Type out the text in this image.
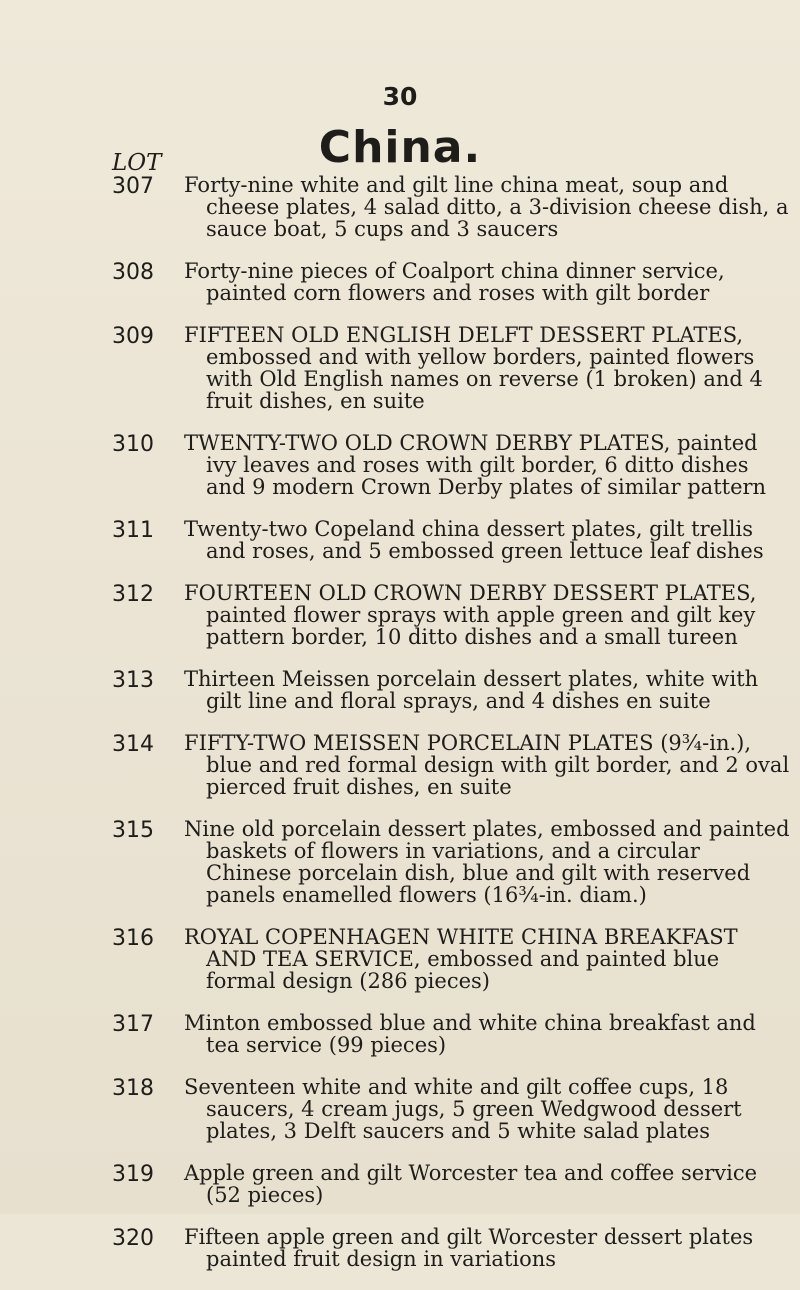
30
China.
LOT
307	Forty-nine white and gilt line china meat, soup and cheese plates, 4 salad ditto, a 3-division cheese dish, a sauce boat, 5 cups and 3 saucers
308	Forty-nine pieces of Coalport china dinner service, painted corn flowers and roses with gilt border
309	FIFTEEN OLD ENGLISH DELFT DESSERT PLATES, embossed and with yellow borders, painted flowers with Old English names on reverse (1 broken) and 4 fruit dishes, en suite
310	TWENTY-TWO OLD CROWN DERBY PLATES, painted ivy leaves and roses with gilt border, 6 ditto dishes and 9 modern Crown Derby plates of similar pattern
311	Twenty-two Copeland china dessert plates, gilt trellis and roses, and 5 embossed green lettuce leaf dishes
312	FOURTEEN OLD CROWN DERBY DESSERT PLATES, painted flower sprays with apple green and gilt key pattern border, 10 ditto dishes and a small tureen
313	Thirteen Meissen porcelain dessert plates, white with gilt line and floral sprays, and 4 dishes en suite
314	FIFTY-TWO MEISSEN PORCELAIN PLATES (9¾-in.), blue and red formal design with gilt border, and 2 oval pierced fruit dishes, en suite
315	Nine old porcelain dessert plates, embossed and painted baskets of flowers in variations, and a circular Chinese porcelain dish, blue and gilt with reserved panels enamelled flowers (16¾-in. diam.)
316	ROYAL COPENHAGEN WHITE CHINA BREAKFAST AND TEA SERVICE, embossed and painted blue formal design (286 pieces)
317	Minton embossed blue and white china breakfast and tea service (99 pieces)
318	Seventeen white and white and gilt coffee cups, 18 saucers, 4 cream jugs, 5 green Wedgwood dessert plates, 3 Delft saucers and 5 white salad plates
319	Apple green and gilt Worcester tea and coffee service (52 pieces)
320	Fifteen apple green and gilt Worcester dessert plates painted fruit design in variations
